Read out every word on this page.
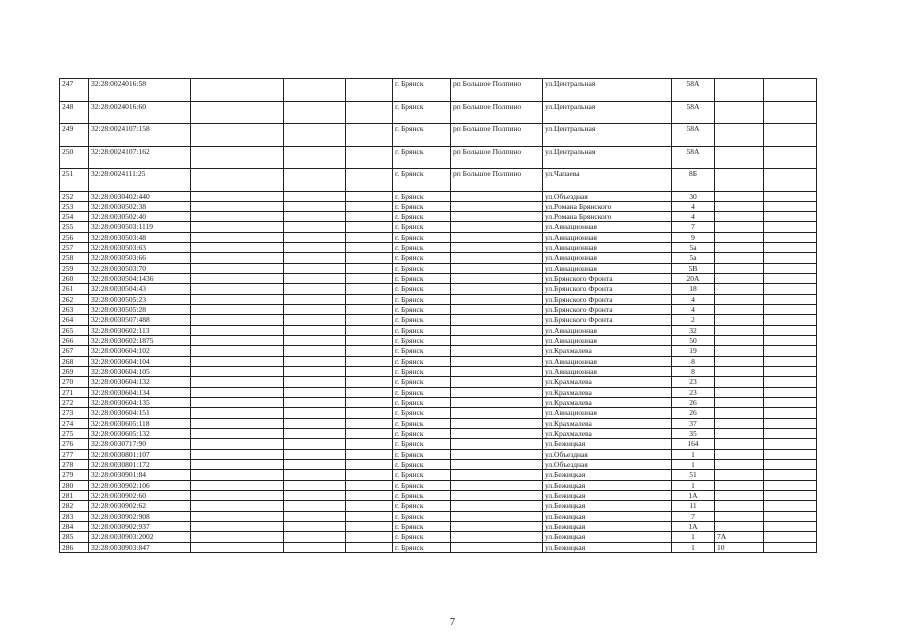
247	32:28:0024016:58				г. Брянск	рп Большое Полпино	ул.Центральная	58А		
248	32:28:0024016:60				г. Брянск	рп Большое Полпино	ул.Центральная	58А		
249	32:28:0024107:158				г. Брянск	рп Большое Полпино	ул.Центральная	58А		
250	32:28:0024107:162				г. Брянск	рп Большое Полпино	ул.Центральная	58А		
251	32:28:0024111:25				г. Брянск	рп Большое Полпино	ул.Чапаева	8Б		
252	32:28:0030402:440				г. Брянск		ул.Объездная	30		
253	32:28:0030502:38				г. Брянск		ул.Романа Брянского	4		
254	32:28:0030502:40				г. Брянск		ул.Романа Брянского	4		
255	32:28:0030503:1119				г. Брянск		ул.Авиационная	7		
256	32:28:0030503:48				г. Брянск		ул.Авиационная	9		
257	32:28:0030503:63				г. Брянск		ул.Авиационная	5а		
258	32:28:0030503:66				г. Брянск		ул.Авиационная	5а		
259	32:28:0030503:70				г. Брянск		ул.Авиационная	5В		
260	32:28:0030504:1436				г. Брянск		ул.Брянского Фронта	20А		
261	32:28:0030504:43				г. Брянск		ул.Брянского Фронта	18		
262	32:28:0030505:23				г. Брянск		ул.Брянского Фронта	4		
263	32:28:0030505:28				г. Брянск		ул.Брянского Фронта	4		
264	32:28:0030507:488				г. Брянск		ул.Брянского Фронта	2		
265	32:28:0030602:113				г. Брянск		ул.Авиационная	32		
266	32:28:0030602:1875				г. Брянск		ул.Авиационная	50		
267	32:28:0030604:102				г. Брянск		ул.Крахмалева	19		
268	32:28:0030604:104				г. Брянск		ул.Авиационная	8		
269	32:28:0030604:105				г. Брянск		ул.Авиационная	8		
270	32:28:0030604:132				г. Брянск		ул.Крахмалева	23		
271	32:28:0030604:134				г. Брянск		ул.Крахмалева	23		
272	32:28:0030604:135				г. Брянск		ул.Крахмалева	26		
273	32:28:0030604:151				г. Брянск		ул.Авиационная	26		
274	32:28:0030605:118				г. Брянск		ул.Крахмалева	37		
275	32:28:0030605:132				г. Брянск		ул.Крахмалева	35		
276	32:28:0030717:90				г. Брянск		ул.Бежицкая	164		
277	32:28:0030801:107				г. Брянск		ул.Объездная	1		
278	32:28:0030801:172				г. Брянск		ул.Объездная	1		
279	32:28:0030901:84				г. Брянск		ул.Бежицкая	51		
280	32:28:0030902:106				г. Брянск		ул.Бежицкая	1		
281	32:28:0030902:60				г. Брянск		ул.Бежицкая	1А		
282	32:28:0030902:62				г. Брянск		ул.Бежицкая	11		
283	32:28:0030902:908				г. Брянск		ул.Бежицкая	7		
284	32:28:0030902:937				г. Брянск		ул.Бежицкая	1А		
285	32:28:0030903:2002				г. Брянск		ул.Бежицкая	1	7А	
286	32:28:0030903:847				г. Брянск		ул.Бежицкая	1	10	
7
